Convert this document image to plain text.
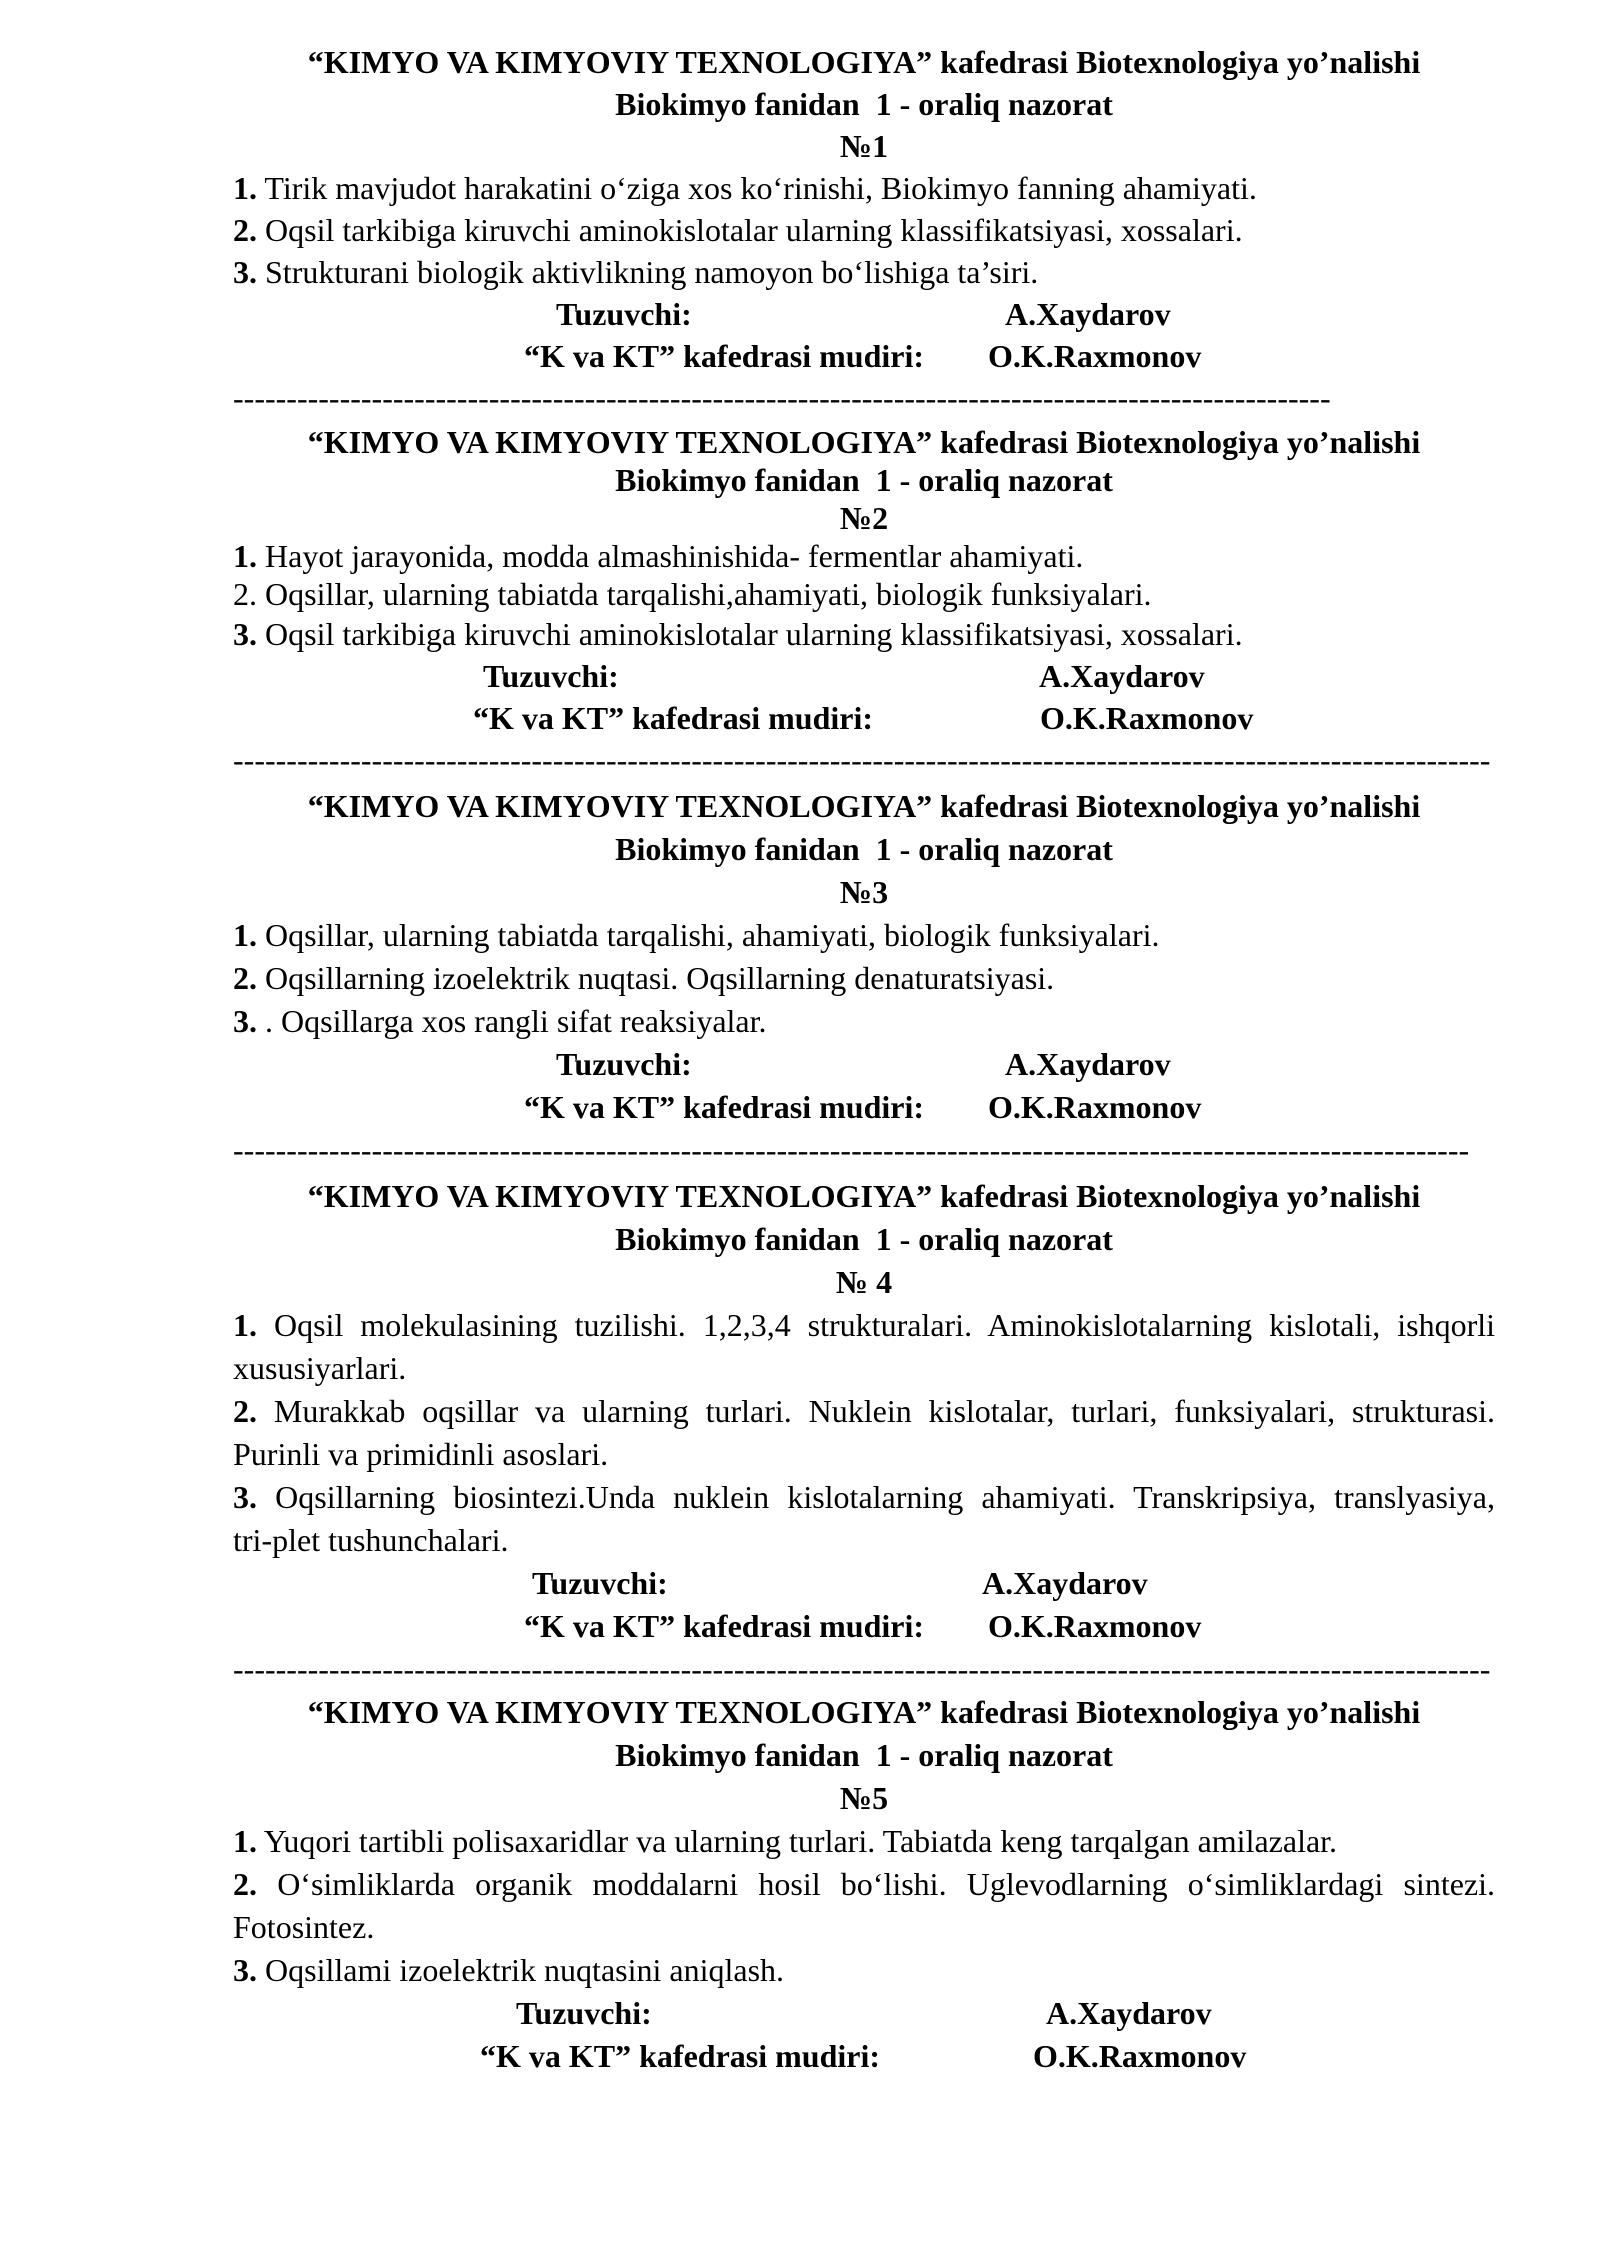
“KIMYO VA KIMYOVIY TEXNOLOGIYA” kafedrasi Biotexnologiya yo’nalishi
Biokimyo fanidan  1 - oraliq nazorat
№1
1. Tirik mavjudot harakatini o‘ziga xos ko‘rinishi, Biokimyo fanning ahamiyati.
2. Oqsil tarkibiga kiruvchi aminokislotalar ularning klassifikatsiyasi, xossalari.
3. Strukturani biologik aktivlikning namoyon bo‘lishiga ta’siri.
Tuzuvchi:	A.Xaydarov
“K va KT” kafedrasi mudiri: O.K.Raxmonov
-------------------------------------------------------------------------------------------------------
“KIMYO VA KIMYOVIY TEXNOLOGIYA” kafedrasi Biotexnologiya yo’nalishi
Biokimyo fanidan  1 - oraliq nazorat
№2
1. Hayot jarayonida, modda almashinishida- fermentlar ahamiyati.
2. Oqsillar, ularning tabiatda tarqalishi,ahamiyati, biologik funksiyalari.
3. Oqsil tarkibiga kiruvchi aminokislotalar ularning klassifikatsiyasi, xossalari.
Tuzuvchi:	A.Xaydarov
“K va KT” kafedrasi mudiri:	O.K.Raxmonov
----------------------------------------------------------------------------------------------------------------------
“KIMYO VA KIMYOVIY TEXNOLOGIYA” kafedrasi Biotexnologiya yo’nalishi
Biokimyo fanidan  1 - oraliq nazorat
№3
1. Oqsillar, ularning tabiatda tarqalishi, ahamiyati, biologik funksiyalari.
2. Oqsillarning izoelektrik nuqtasi. Oqsillarning denaturatsiyasi.
3. . Oqsillarga xos rangli sifat reaksiyalar.
Tuzuvchi:	A.Xaydarov
“K va KT” kafedrasi mudiri: O.K.Raxmonov
--------------------------------------------------------------------------------------------------------------------
“KIMYO VA KIMYOVIY TEXNOLOGIYA” kafedrasi Biotexnologiya yo’nalishi
Biokimyo fanidan  1 - oraliq nazorat
№ 4
1. Oqsil molekulasining tuzilishi. 1,2,3,4 strukturalari. Aminokislotalarning kislotali, ishqorli
xususiyarlari.
2. Murakkab oqsillar va ularning turlari. Nuklein kislotalar, turlari, funksiyalari, strukturasi.
Purinli va primidinli asoslari.
3. Oqsillarning biosintezi.Unda nuklein kislotalarning ahamiyati. Transkripsiya, translyasiya,
tri-plet tushunchalari.
Tuzuvchi:	A.Xaydarov
“K va KT” kafedrasi mudiri: O.K.Raxmonov
----------------------------------------------------------------------------------------------------------------------
“KIMYO VA KIMYOVIY TEXNOLOGIYA” kafedrasi Biotexnologiya yo’nalishi
Biokimyo fanidan  1 - oraliq nazorat
№5
1. Yuqori tartibli polisaxaridlar va ularning turlari. Tabiatda keng tarqalgan amilazalar.
2. O‘simliklarda organik moddalarni hosil bo‘lishi. Uglevodlarning o‘simliklardagi sintezi.
Fotosintez.
3. Oqsillami izoelektrik nuqtasini aniqlash.
Tuzuvchi:	A.Xaydarov
“K va KT” kafedrasi mudiri:	O.K.Raxmonov
